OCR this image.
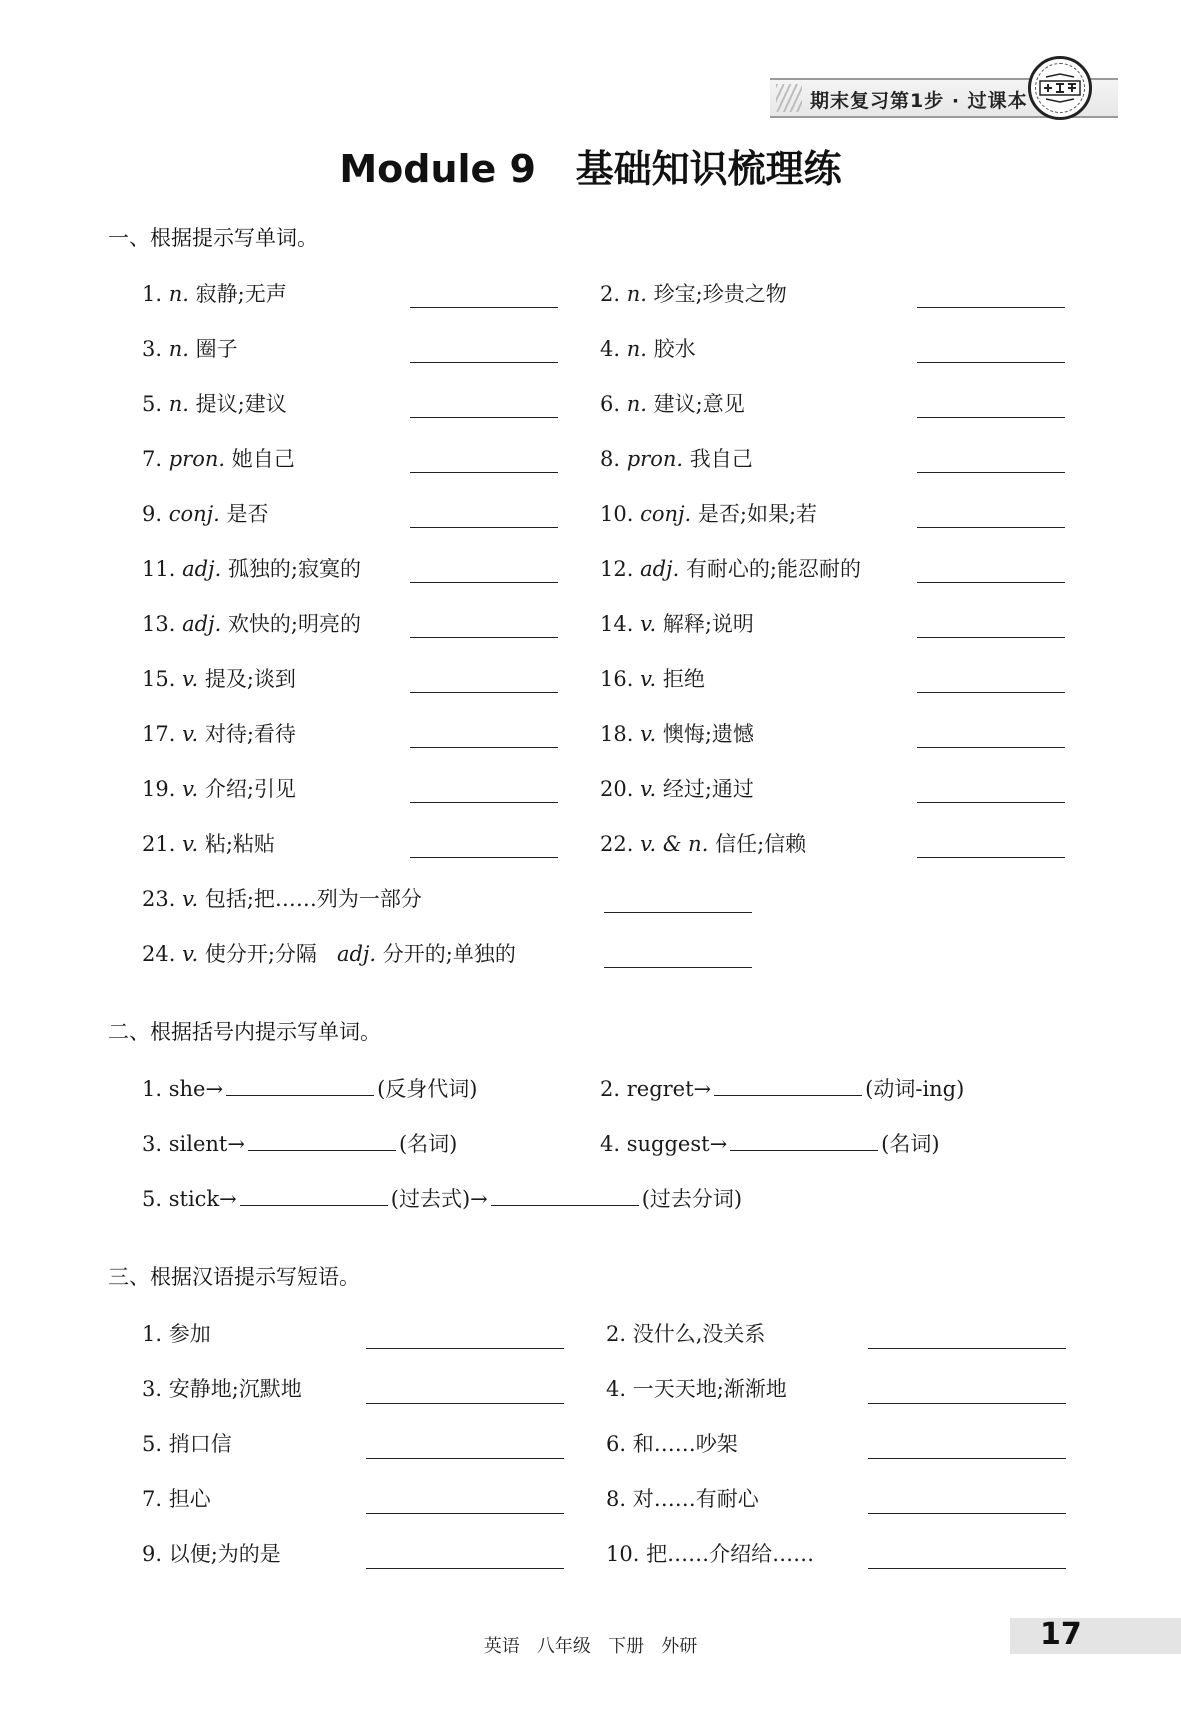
期末复习第1步 · 过课本
Module 9   基础知识梳理练
一、根据提示写单词。
1. n. 寂静;无声	2. n. 珍宝;珍贵之物
3. n. 圈子	4. n. 胶水
5. n. 提议;建议	6. n. 建议;意见
7. pron. 她自己	8. pron. 我自己
9. conj. 是否	10. conj. 是否;如果;若
11. adj. 孤独的;寂寞的	12. adj. 有耐心的;能忍耐的
13. adj. 欢快的;明亮的	14. v. 解释;说明
15. v. 提及;谈到	16. v. 拒绝
17. v. 对待;看待	18. v. 懊悔;遗憾
19. v. 介绍;引见	20. v. 经过;通过
21. v. 粘;粘贴	22. v. & n. 信任;信赖
23. v. 包括;把……列为一部分
24. v. 使分开;分隔 adj. 分开的;单独的
二、根据括号内提示写单词。
1. she→	(反身代词)	2. regret→	(动词-ing)
3. silent→	(名词)	4. suggest→	(名词)
5. stick→	(过去式)→	(过去分词)
三、根据汉语提示写短语。
1. 参加	2. 没什么,没关系
3. 安静地;沉默地	4. 一天天地;渐渐地
5. 捎口信	6. 和……吵架
7. 担心	8. 对……有耐心
9. 以便;为的是	10. 把……介绍给……
英语   八年级   下册   外研	17
